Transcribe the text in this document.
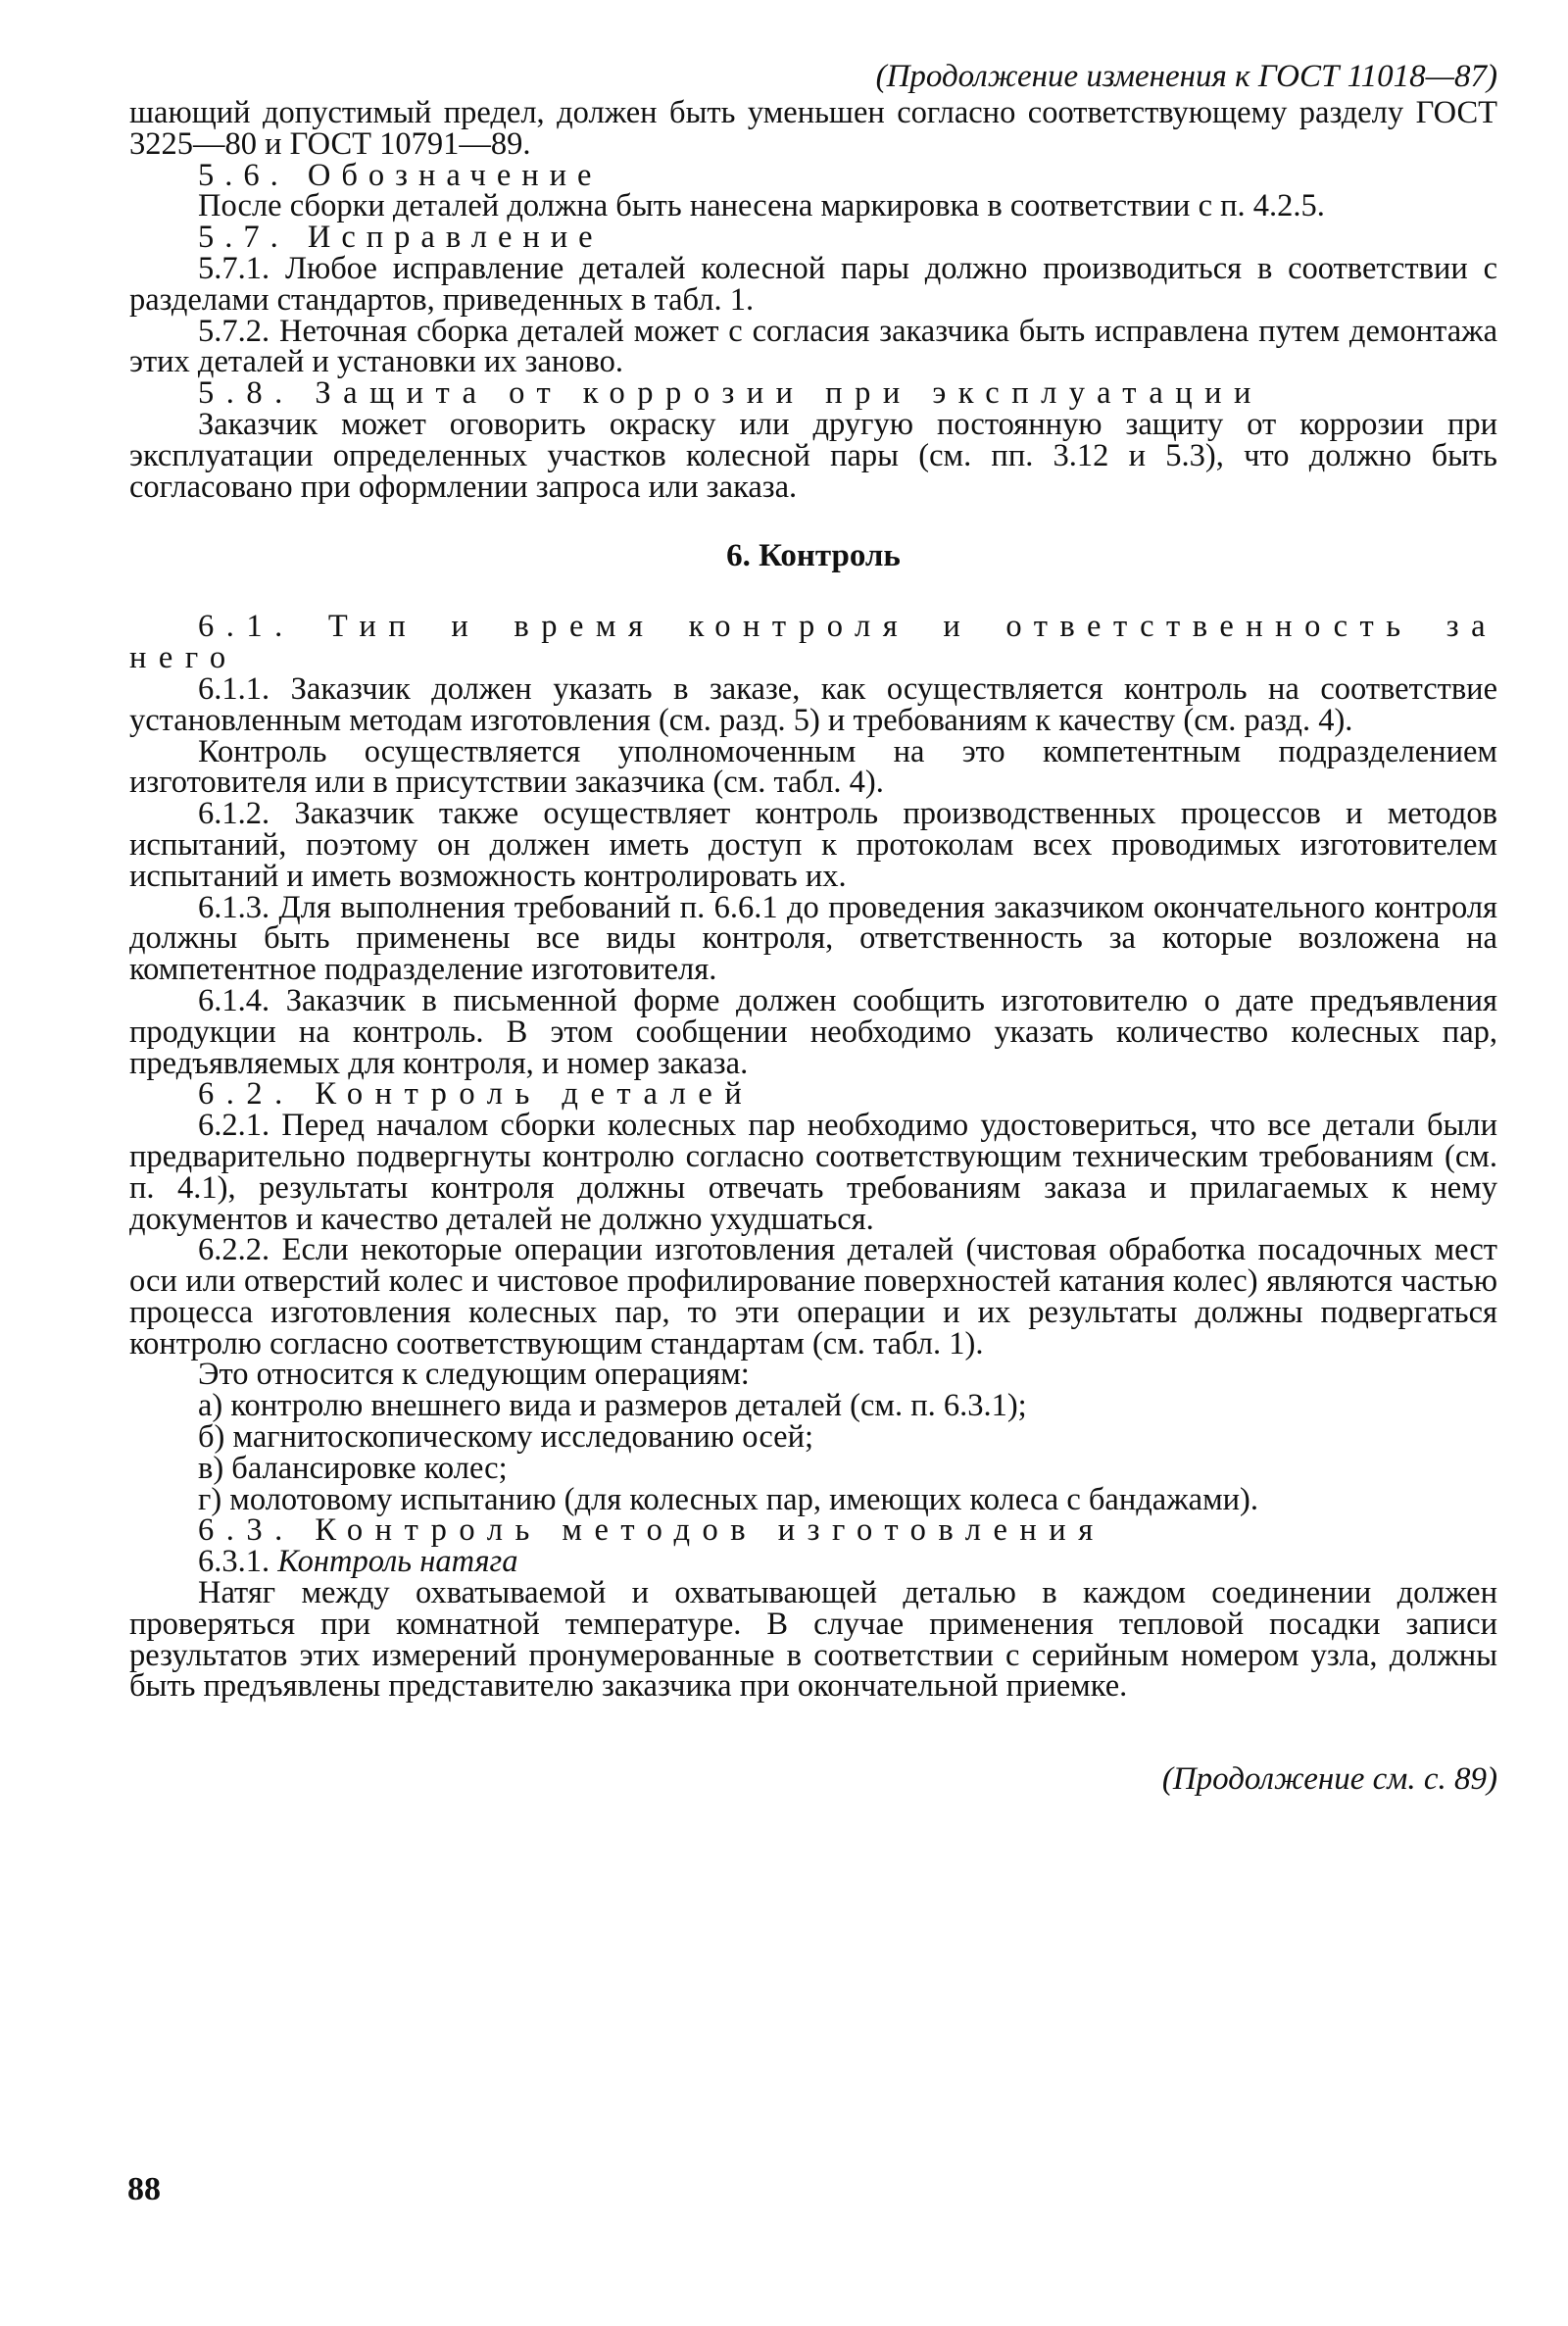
(Продолжение изменения к ГОСТ 11018—87)

шающий допустимый предел, должен быть уменьшен согласно соответствующему разделу ГОСТ 3225—80 и ГОСТ 10791—89.

5.6. Обозначение

После сборки деталей должна быть нанесена маркировка в соответствии с п. 4.2.5.

5.7. Исправление

5.7.1. Любое исправление деталей колесной пары должно производиться в соответствии с разделами стандартов, приведенных в табл. 1.

5.7.2. Неточная сборка деталей может с согласия заказчика быть исправлена путем демонтажа этих деталей и установки их заново.

5.8. Защита от коррозии при эксплуатации

Заказчик может оговорить окраску или другую постоянную защиту от коррозии при эксплуатации определенных участков колесной пары (см. пп. 3.12 и 5.3), что должно быть согласовано при оформлении запроса или заказа.

6. Контроль

6.1. Тип и время контроля и ответственность за него

6.1.1. Заказчик должен указать в заказе, как осуществляется контроль на соответствие установленным методам изготовления (см. разд. 5) и требованиям к качеству (см. разд. 4).

Контроль осуществляется уполномоченным на это компетентным подразделением изготовителя или в присутствии заказчика (см. табл. 4).

6.1.2. Заказчик также осуществляет контроль производственных процессов и методов испытаний, поэтому он должен иметь доступ к протоколам всех проводимых изготовителем испытаний и иметь возможность контролировать их.

6.1.3. Для выполнения требований п. 6.6.1 до проведения заказчиком окончательного контроля должны быть применены все виды контроля, ответственность за которые возложена на компетентное подразделение изготовителя.

6.1.4. Заказчик в письменной форме должен сообщить изготовителю о дате предъявления продукции на контроль. В этом сообщении необходимо указать количество колесных пар, предъявляемых для контроля, и номер заказа.

6.2. Контроль деталей

6.2.1. Перед началом сборки колесных пар необходимо удостовериться, что все детали были предварительно подвергнуты контролю согласно соответствующим техническим требованиям (см. п. 4.1), результаты контроля должны отвечать требованиям заказа и прилагаемых к нему документов и качество деталей не должно ухудшаться.

6.2.2. Если некоторые операции изготовления деталей (чистовая обработка посадочных мест оси или отверстий колес и чистовое профилирование поверхностей катания колес) являются частью процесса изготовления колесных пар, то эти операции и их результаты должны подвергаться контролю согласно соответствующим стандартам (см. табл. 1).

Это относится к следующим операциям:

а) контролю внешнего вида и размеров деталей (см. п. 6.3.1);

б) магнитоскопическому исследованию осей;

в) балансировке колес;

г) молотовому испытанию (для колесных пар, имеющих колеса с бандажами).

6.3. Контроль методов изготовления

6.3.1. Контроль натяга

Натяг между охватываемой и охватывающей деталью в каждом соединении должен проверяться при комнатной температуре. В случае применения тепловой посадки записи результатов этих измерений пронумерованные в соответствии с серийным номером узла, должны быть предъявлены представителю заказчика при окончательной приемке.

(Продолжение см. с. 89)

88
